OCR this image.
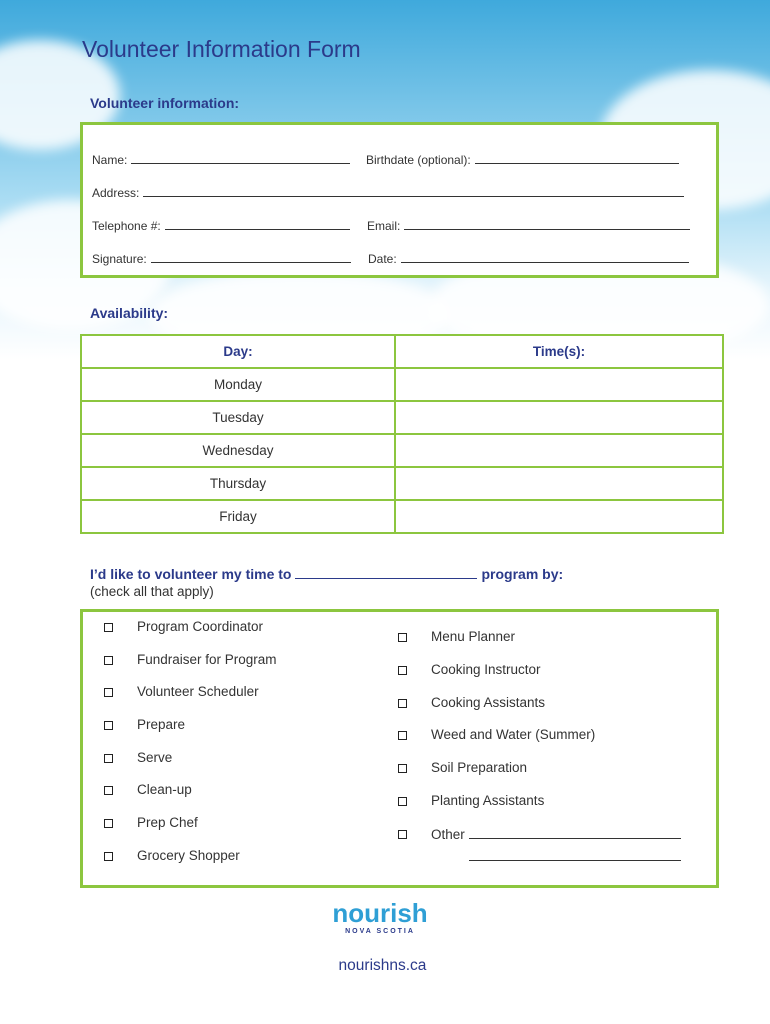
Volunteer Information Form
Volunteer information:
Name:	Birthdate (optional):
Address:
Telephone #:	Email:
Signature:	Date:
Availability:
Day:	Time(s):
Monday	
Tuesday	
Wednesday	
Thursday	
Friday	
I’d like to volunteer my time to	program by:
(check all that apply)
Program Coordinator
Fundraiser for Program
Volunteer Scheduler
Prepare
Serve
Clean-up
Prep Chef
Grocery Shopper
Menu Planner
Cooking Instructor
Cooking Assistants
Weed and Water (Summer)
Soil Preparation
Planting Assistants
Other
nourish
NOVA SCOTIA
nourishns.ca
